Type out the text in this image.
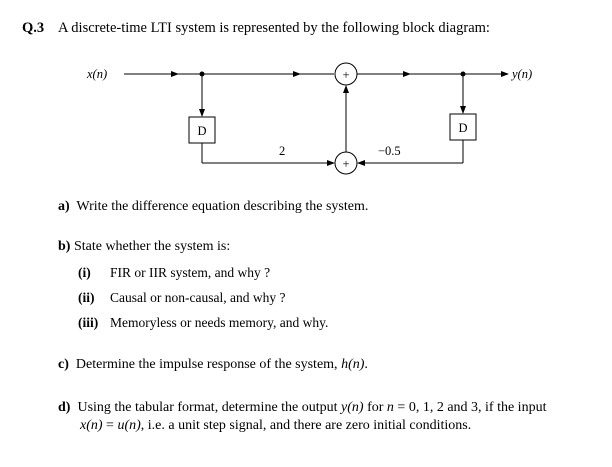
Q.3 A discrete-time LTI system is represented by the following block diagram:
x(n)	+	y(n)
D
2
+
D
−0.5
a) Write the difference equation describing the system.
b) State whether the system is:
(i) FIR or IIR system, and why ?
(ii) Causal or non-causal, and why ?
(iii) Memoryless or needs memory, and why.
c) Determine the impulse response of the system, h(n).
d) Using the tabular format, determine the output y(n) for n = 0, 1, 2 and 3, if the input
x(n) = u(n), i.e. a unit step signal, and there are zero initial conditions.
